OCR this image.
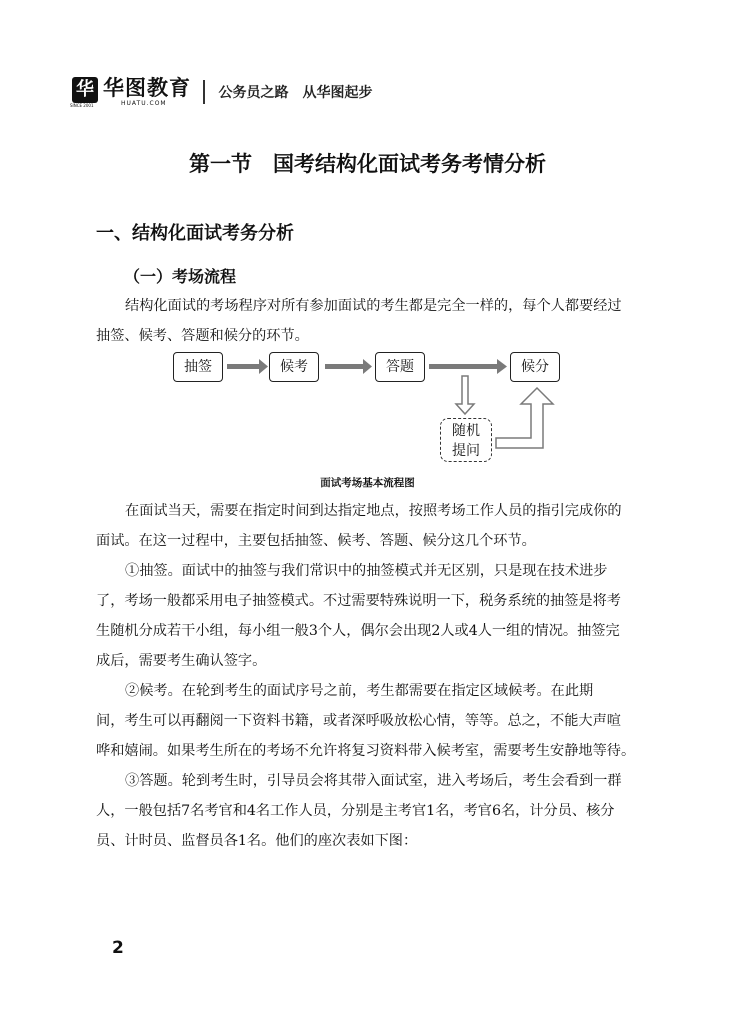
华
SINCE 2001
华图教育
HUATU.COM
公务员之路　从华图起步
第一节　国考结构化面试考务考情分析
一、结构化面试考务分析
（一）考场流程
结构化面试的考场程序对所有参加面试的考生都是完全一样的，每个人都要经过
抽签、候考、答题和候分的环节。
抽签	候考	答题	候分
随机
提问
面试考场基本流程图
在面试当天，需要在指定时间到达指定地点，按照考场工作人员的指引完成你的
面试。在这一过程中，主要包括抽签、候考、答题、候分这几个环节。
①抽签。面试中的抽签与我们常识中的抽签模式并无区别，只是现在技术进步
了，考场一般都采用电子抽签模式。不过需要特殊说明一下，税务系统的抽签是将考
生随机分成若干小组，每小组一般3个人，偶尔会出现2人或4人一组的情况。抽签完
成后，需要考生确认签字。
②候考。在轮到考生的面试序号之前，考生都需要在指定区域候考。在此期
间，考生可以再翻阅一下资料书籍，或者深呼吸放松心情，等等。总之，不能大声喧
哗和嬉闹。如果考生所在的考场不允许将复习资料带入候考室，需要考生安静地等待。
③答题。轮到考生时，引导员会将其带入面试室，进入考场后，考生会看到一群
人，一般包括7名考官和4名工作人员，分别是主考官1名，考官6名，计分员、核分
员、计时员、监督员各1名。他们的座次表如下图：
2
